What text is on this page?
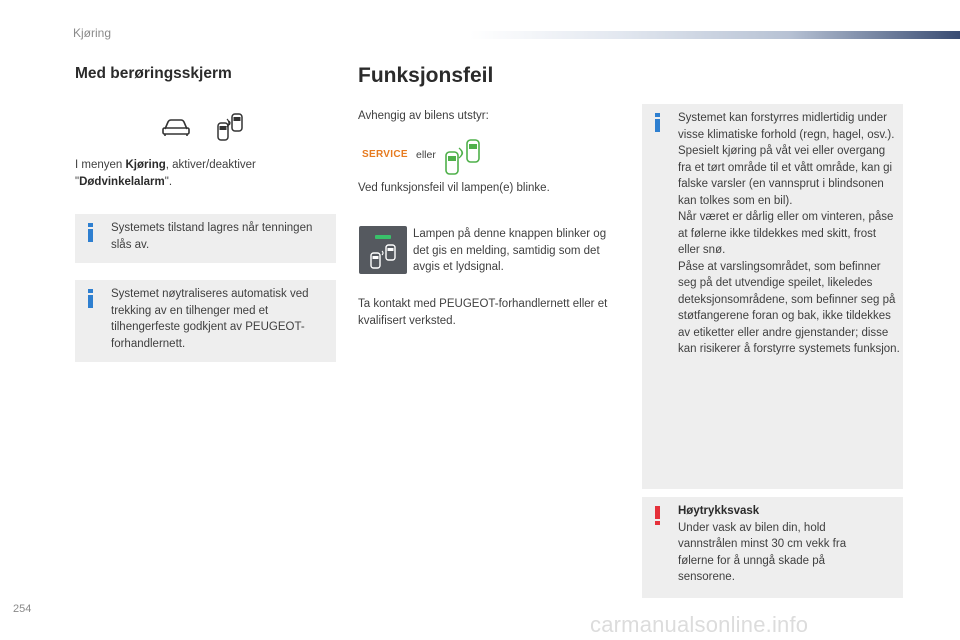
Kjøring
Med berøringsskjerm
I menyen Kjøring, aktiver/deaktiver
"Dødvinkelalarm".
Systemets tilstand lagres når tenningen slås av.
Systemet nøytraliseres automatisk ved trekking av en tilhenger med et tilhengerfeste godkjent av PEUGEOT-forhandlernett.
Funksjonsfeil
Avhengig av bilens utstyr:
SERVICE eller
Ved funksjonsfeil vil lampen(e) blinke.
Lampen på denne knappen blinker og det gis en melding, samtidig som det avgis et lydsignal.
Ta kontakt med PEUGEOT-forhandlernett eller et kvalifisert verksted.
Systemet kan forstyrres midlertidig under visse klimatiske forhold (regn, hagel, osv.).
Spesielt kjøring på våt vei eller overgang fra et tørt område til et vått område, kan gi falske varsler (en vannsprut i blindsonen kan tolkes som en bil).
Når været er dårlig eller om vinteren, påse at følerne ikke tildekkes med skitt, frost eller snø.
Påse at varslingsområdet, som befinner seg på det utvendige speilet, likeledes deteksjonsområdene, som befinner seg på støtfangerene foran og bak, ikke tildekkes av etiketter eller andre gjenstander; disse kan risikerer å forstyrre systemets funksjon.
Høytrykksvask
Under vask av bilen din, hold vannstrålen minst 30 cm vekk fra følerne for å unngå skade på sensorene.
254
carmanualsonline.info
